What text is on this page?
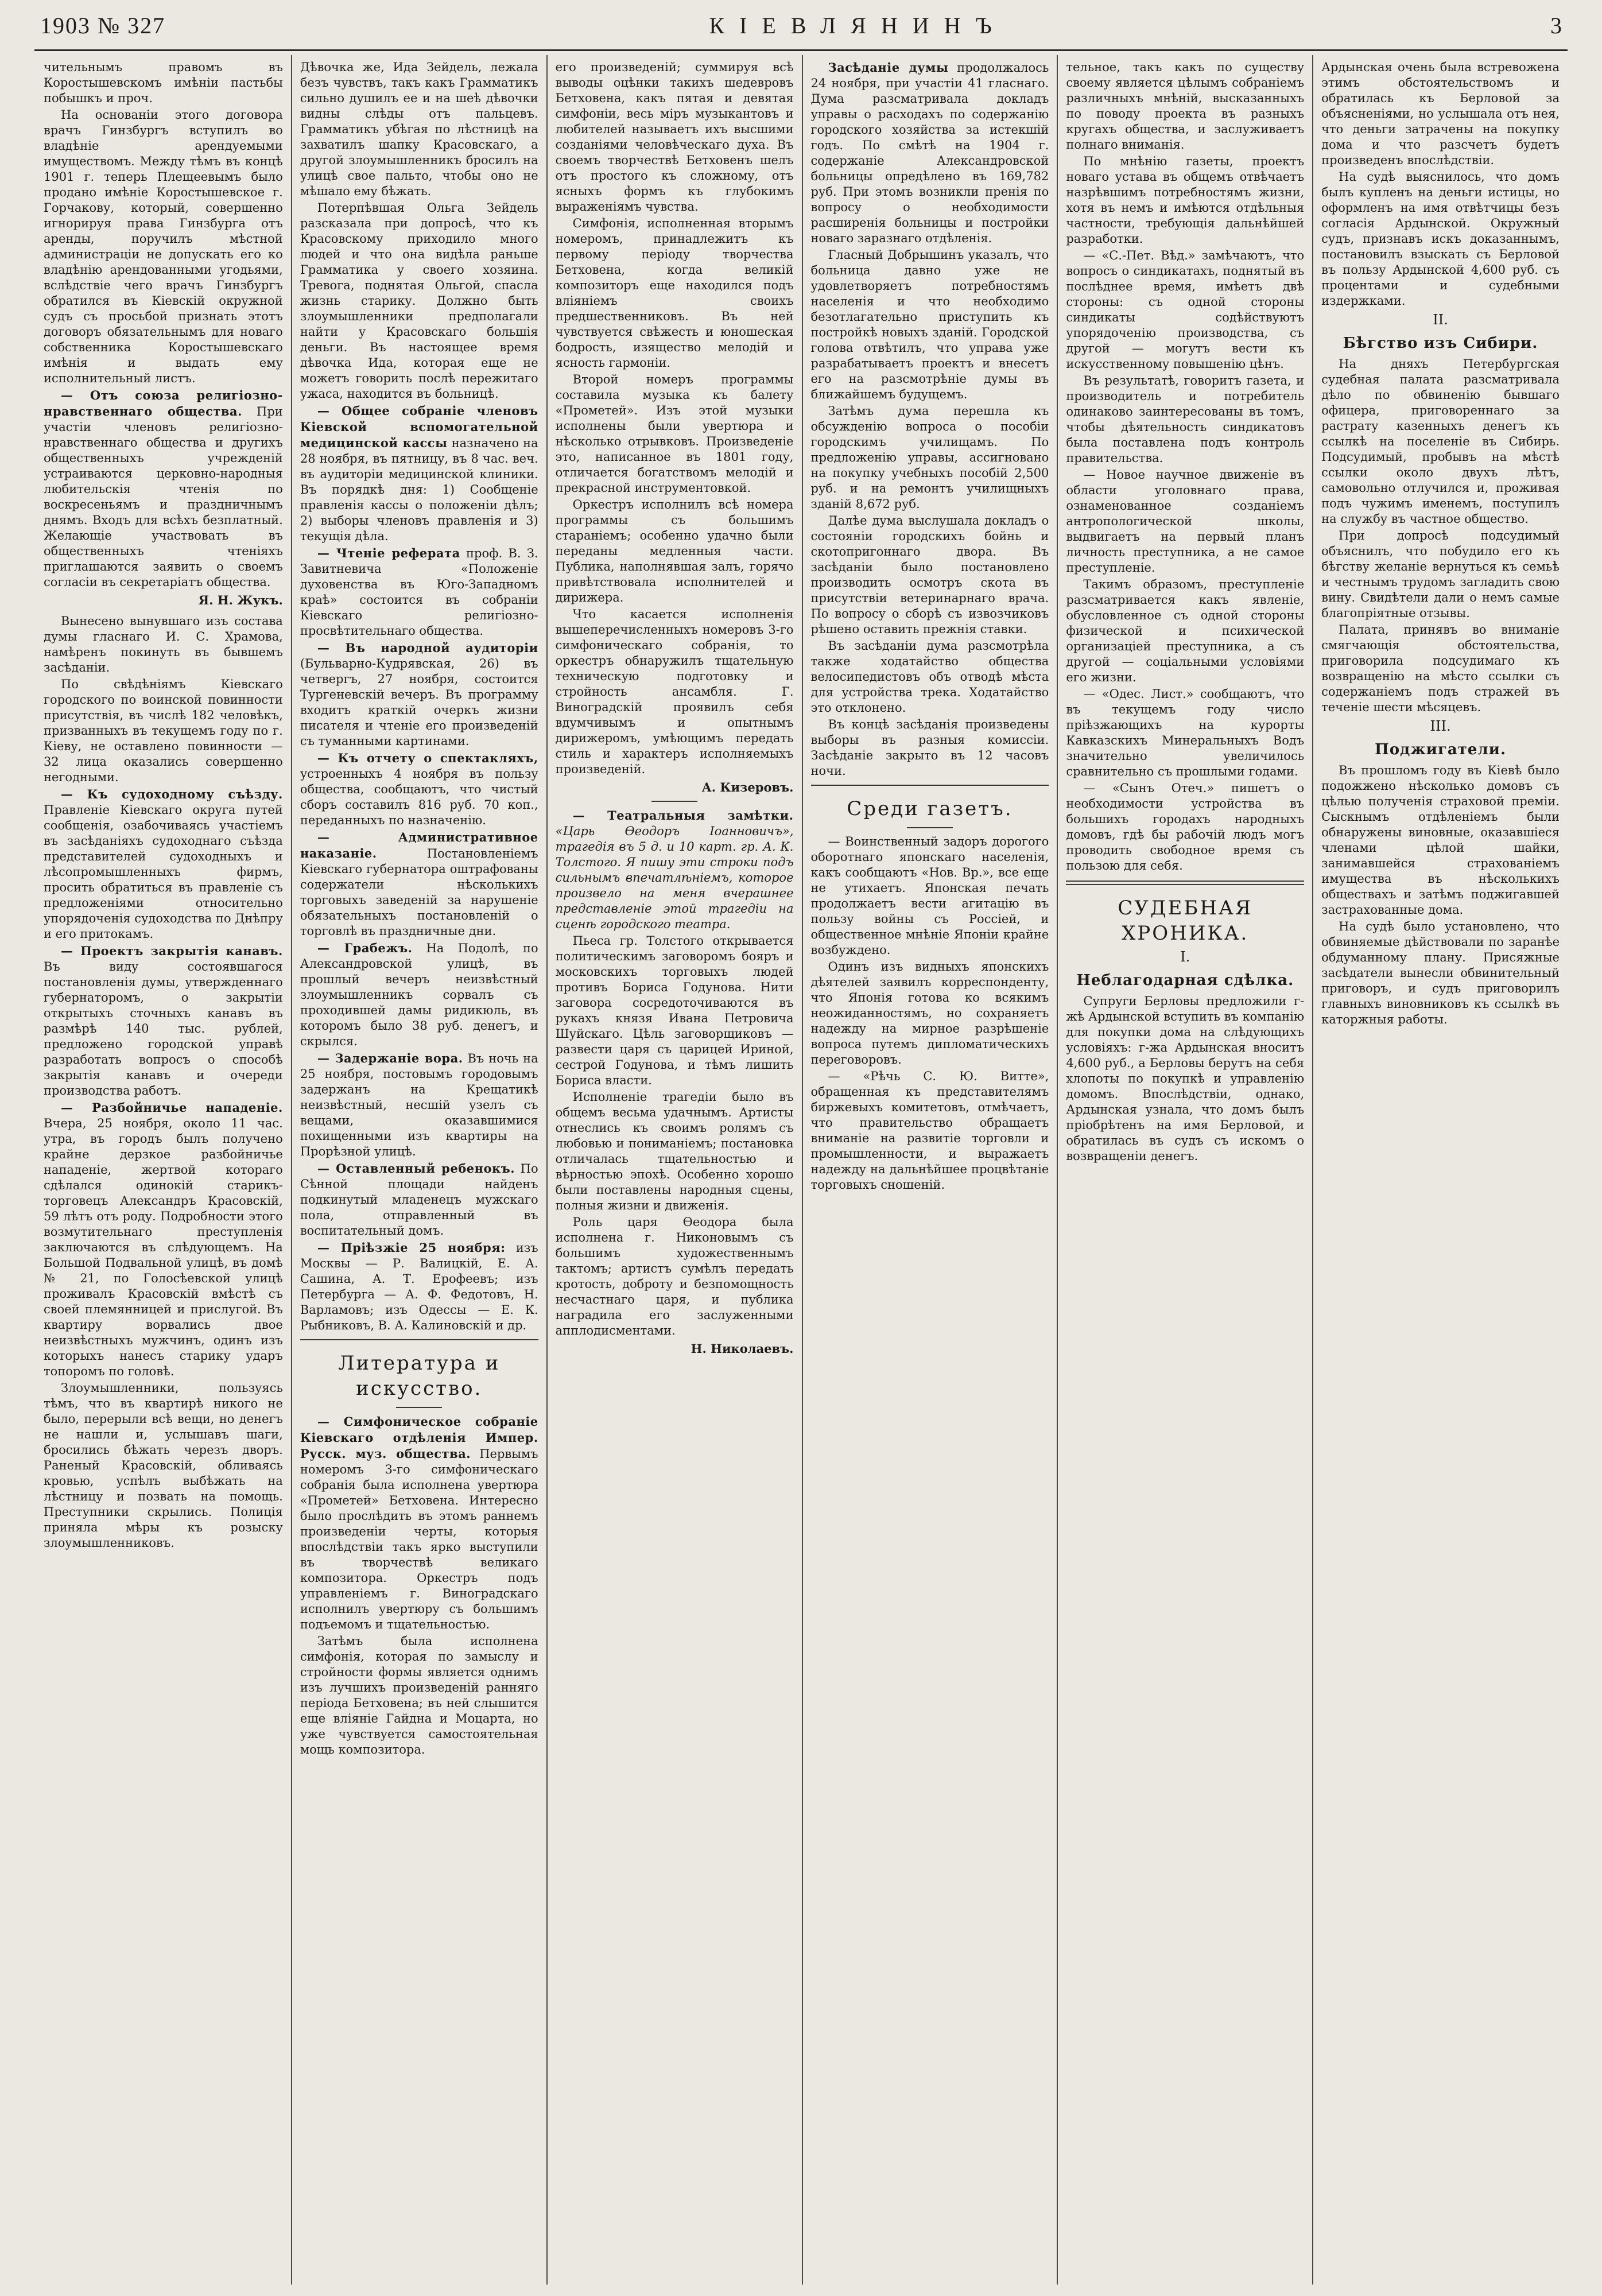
1903 № 327	КІЕВЛЯНИНЪ	3

чительнымъ правомъ въ Коростышевскомъ имѣніи пастьбы побышкъ и проч.

На основаніи этого договора врачъ Гинзбургъ вступилъ во владѣніе арендуемыми имуществомъ. Между тѣмъ въ концѣ 1901 г. теперь Плещеевымъ было продано имѣніе Коростышевское г. Горчакову, который, совершенно игнорируя права Гинзбурга отъ аренды, поручилъ мѣстной администраціи не допускать его ко владѣнію арендованными угодьями, вслѣдствіе чего врачъ Гинзбургъ обратился въ Кіевскій окружной судъ съ просьбой признать этотъ договоръ обязательнымъ для новаго собственника Коростышевскаго имѣнія и выдать ему исполнительный листъ.

— Отъ союза религіозно-нравственнаго общества. При участіи членовъ религіозно-нравственнаго общества и другихъ общественныхъ учрежденій устраиваются церковно-народныя любительскія чтенія по воскресеньямъ и праздничнымъ днямъ. Входъ для всѣхъ безплатный. Желающіе участвовать въ общественныхъ чтеніяхъ приглашаются заявить о своемъ согласіи въ секретаріатъ общества.

Я. Н. Жукъ.

Вынесено вынувшаго изъ состава думы гласнаго И. С. Храмова, намѣренъ покинуть въ бывшемъ засѣданіи.

По свѣдѣніямъ Кіевскаго городского по воинской повинности присутствія, въ числѣ 182 человѣкъ, призванныхъ въ текущемъ году по г. Кіеву, не оставлено повинности — 32 лица оказались совершенно негодными.

— Къ судоходному съѣзду. Правленіе Кіевскаго округа путей сообщенія, озабочиваясь участіемъ въ засѣданіяхъ судоходнаго съѣзда представителей судоходныхъ и лѣсопромышленныхъ фирмъ, просить обратиться въ правленіе съ предложеніями относительно упорядоченія судоходства по Днѣпру и его притокамъ.

— Проектъ закрытія канавъ. Въ виду состоявшагося постановленія думы, утвержденнаго губернаторомъ, о закрытіи открытыхъ сточныхъ канавъ въ размѣрѣ 140 тыс. рублей, предложено городской управѣ разработать вопросъ о способѣ закрытія канавъ и очереди производства работъ.

— Разбойничье нападеніе. Вчера, 25 ноября, около 11 час. утра, въ городъ былъ получено крайне дерзкое разбойничье нападеніе, жертвой котораго сдѣлался одинокій старикъ-торговецъ Александръ Красовскій, 59 лѣтъ отъ роду. Подробности этого возмутительнаго преступленія заключаются въ слѣдующемъ. На Большой Подвальной улицѣ, въ домѣ № 21, по Голосѣевской улицѣ проживалъ Красовскій вмѣстѣ съ своей племянницей и прислугой. Въ квартиру ворвались двое неизвѣстныхъ мужчинъ, одинъ изъ которыхъ нанесъ старику ударъ топоромъ по головѣ.

Злоумышленники, пользуясь тѣмъ, что въ квартирѣ никого не было, перерыли всѣ вещи, но денегъ не нашли и, услышавъ шаги, бросились бѣжать черезъ дворъ. Раненый Красовскій, обливаясь кровью, успѣлъ выбѣжать на лѣстницу и позвать на помощь. Преступники скрылись. Полиція приняла мѣры къ розыску злоумышленниковъ.

Дѣвочка же, Ида Зейдель, лежала безъ чувствъ, такъ какъ Грамматикъ сильно душилъ ее и на шеѣ дѣвочки видны слѣды отъ пальцевъ. Грамматикъ убѣгая по лѣстницѣ на захватилъ шапку Красовскаго, а другой злоумышленникъ бросилъ на улицѣ свое пальто, чтобы оно не мѣшало ему бѣжать.

Потерпѣвшая Ольга Зейдель разсказала при допросѣ, что къ Красовскому приходило много людей и что она видѣла раньше Грамматика у своего хозяина. Тревога, поднятая Ольгой, спасла жизнь старику. Должно быть злоумышленники предполагали найти у Красовскаго большія деньги. Въ настоящее время дѣвочка Ида, которая еще не можетъ говорить послѣ пережитаго ужаса, находится въ больницѣ.

— Общее собраніе членовъ Кіевской вспомогательной медицинской кассы назначено на 28 ноября, въ пятницу, въ 8 час. веч. въ аудиторіи медицинской клиники. Въ порядкѣ дня: 1) Сообщеніе правленія кассы о положеніи дѣлъ; 2) выборы членовъ правленія и 3) текущія дѣла.

— Чтеніе реферата проф. В. З. Завитневича «Положеніе духовенства въ Юго-Западномъ краѣ» состоится въ собраніи Кіевскаго религіозно-просвѣтительнаго общества.

— Въ народной аудиторіи (Бульварно-Кудрявская, 26) въ четвергъ, 27 ноября, состоится Тургеневскій вечеръ. Въ программу входитъ краткій очеркъ жизни писателя и чтеніе его произведеній съ туманными картинами.

— Къ отчету о спектакляхъ, устроенныхъ 4 ноября въ пользу общества, сообщаютъ, что чистый сборъ составилъ 816 руб. 70 коп., переданныхъ по назначенію.

— Административное наказаніе.	Постановленіемъ Кіевскаго губернатора оштрафованы содержатели нѣсколькихъ торговыхъ заведеній за нарушеніе обязательныхъ постановленій о торговлѣ въ праздничные дни.

— Грабежъ. На Подолѣ, по Александровской улицѣ, въ прошлый вечеръ неизвѣстный злоумышленникъ сорвалъ съ проходившей дамы ридикюль, въ которомъ было 38 руб. денегъ, и скрылся.

— Задержаніе вора. Въ ночь на 25 ноября, постовымъ городовымъ задержанъ на Крещатикѣ неизвѣстный, несшій узелъ съ вещами, оказавшимися похищенными изъ квартиры на Прорѣзной улицѣ.

— Оставленный ребенокъ. По Сѣнной площади найденъ подкинутый младенецъ мужскаго пола, отправленный въ воспитательный домъ.

— Пріѣзжіе 25 ноября: изъ Москвы — Р. Валицкій, Е. А. Сашина, А. Т. Ерофеевъ; изъ Петербурга — А. Ф. Федотовъ, Н. Варламовъ; изъ Одессы — Е. К. Рыбниковъ, В. А. Калиновскій и др.

Литература и искусство.

— Симфоническое собраніе Кіевскаго отдѣленія Импер. Русск. муз. общества. Первымъ номеромъ 3-го симфоническаго собранія была исполнена увертюра «Прометей» Бетховена. Интересно было прослѣдить въ этомъ раннемъ произведеніи черты, которыя впослѣдствіи такъ ярко выступили въ творчествѣ великаго композитора. Оркестръ подъ управленіемъ г. Виноградскаго исполнилъ увертюру съ большимъ подъемомъ и тщательностью.

Затѣмъ была исполнена симфонія, которая по замыслу и стройности формы является однимъ изъ лучшихъ произведеній ранняго періода Бетховена; въ ней слышится еще вліяніе Гайдна и Моцарта, но уже чувствуется самостоятельная мощь композитора.

его произведеній; суммируя всѣ выводы оцѣнки такихъ шедевровъ Бетховена, какъ пятая и девятая симфоніи, весь мiръ музыкантовъ и любителей называетъ ихъ высшими созданіями человѣческаго духа. Въ своемъ творчествѣ Бетховенъ шелъ отъ простого къ сложному, отъ ясныхъ формъ къ глубокимъ выраженіямъ чувства.

Симфонія, исполненная вторымъ номеромъ, принадлежитъ къ первому періоду творчества Бетховена, когда великій композиторъ еще находился подъ вліяніемъ своихъ предшественниковъ. Въ ней чувствуется свѣжесть и юношеская бодрость, изящество мелодій и ясность гармоніи.

Второй номеръ программы составила музыка къ балету «Прометей». Изъ этой музыки исполнены были увертюра и нѣсколько отрывковъ. Произведеніе это, написанное въ 1801 году, отличается богатствомъ мелодій и прекрасной инструментовкой.

Оркестръ исполнилъ всѣ номера программы съ большимъ стараніемъ; особенно удачно были переданы медленныя части. Публика, наполнявшая залъ, горячо привѣтствовала исполнителей и дирижера.

Что касается исполненія вышеперечисленныхъ номеровъ 3-го симфоническаго собранія, то оркестръ обнаружилъ тщательную техническую подготовку и стройность ансамбля. Г. Виноградскій проявилъ себя вдумчивымъ и опытнымъ дирижеромъ, умѣющимъ передать стиль и характеръ исполняемыхъ произведеній.

А. Кизеровъ.

— Театральныя замѣтки. «Царь Ѳеодоръ Іоанновичъ», трагедія въ 5 д. и 10 карт. гр. А. К. Толстого. Я пишу эти строки подъ сильнымъ впечатлѣніемъ, которое произвело на меня вчерашнее представленіе этой трагедіи на сценѣ городского театра.

Пьеса гр. Толстого открывается политическимъ заговоромъ бояръ и московскихъ торговыхъ людей противъ Бориса Годунова. Нити заговора сосредоточиваются въ рукахъ князя Ивана Петровича Шуйскаго. Цѣль заговорщиковъ — развести царя съ царицей Ириной, сестрой Годунова, и тѣмъ лишить Бориса власти.

Исполненіе трагедіи было въ общемъ весьма удачнымъ. Артисты отнеслись къ своимъ ролямъ съ любовью и пониманіемъ; постановка отличалась тщательностью и вѣрностью эпохѣ. Особенно хорошо были поставлены народныя сцены, полныя жизни и движенія.

Роль царя Ѳеодора была исполнена г. Никоновымъ съ большимъ художественнымъ тактомъ; артистъ сумѣлъ передать кротость, доброту и безпомощность несчастнаго царя, и публика наградила его заслуженными апплодисментами.

Н. Николаевъ.

Засѣданіе думы продолжалось 24 ноября, при участіи 41 гласнаго. Дума разсматривала докладъ управы о расходахъ по содержанію городского хозяйства за истекшій годъ. По смѣтѣ на 1904 г. содержаніе Александровской больницы опредѣлено въ 169,782 руб. При этомъ возникли пренія по вопросу о необходимости расширенія больницы и постройки новаго заразнаго отдѣленія.

Гласный Добрышинъ указалъ, что больница давно уже не удовлетворяетъ потребностямъ населенія и что необходимо безотлагательно приступить къ постройкѣ новыхъ зданій. Городской голова отвѣтилъ, что управа уже разрабатываетъ проектъ и внесетъ его на разсмотрѣніе думы въ ближайшемъ будущемъ.

Затѣмъ дума перешла къ обсужденію вопроса о пособіи городскимъ училищамъ. По предложенію управы, ассигновано на покупку учебныхъ пособій 2,500 руб. и на ремонтъ училищныхъ зданій 8,672 руб.

Далѣе дума выслушала докладъ о состояніи городскихъ бойнь и скотопригоннаго двора. Въ засѣданіи было постановлено производить осмотръ скота въ присутствіи ветеринарнаго врача. По вопросу о сборѣ съ извозчиковъ рѣшено оставить прежнія ставки.

Въ засѣданіи дума разсмотрѣла также ходатайство общества велосипедистовъ объ отводѣ мѣста для устройства трека. Ходатайство это отклонено.

Въ концѣ засѣданія произведены выборы въ разныя комиссіи. Засѣданіе закрыто въ 12 часовъ ночи.

Среди газетъ.

— Воинственный задоръ дорогого оборотнаго японскаго населенія, какъ сообщаютъ «Нов. Вр.», все еще не утихаетъ. Японская печать продолжаетъ вести агитацію въ пользу войны съ Россіей, и общественное мнѣніе Японіи крайне возбуждено.

Одинъ изъ видныхъ японскихъ дѣятелей заявилъ корреспонденту, что Японія готова ко всякимъ неожиданностямъ, но сохраняетъ надежду на мирное разрѣшеніе вопроса путемъ дипломатическихъ переговоровъ.

— «Рѣчь С. Ю. Витте», обращенная къ представителямъ биржевыхъ комитетовъ, отмѣчаетъ, что правительство обращаетъ вниманіе на развитіе торговли и промышленности, и выражаетъ надежду на дальнѣйшее процвѣтаніе торговыхъ сношеній.

тельное, такъ какъ по существу своему является цѣлымъ собраніемъ различныхъ мнѣній, высказанныхъ по поводу проекта въ разныхъ кругахъ общества, и заслуживаетъ полнаго вниманія.

По мнѣнію газеты, проектъ новаго устава въ общемъ отвѣчаетъ назрѣвшимъ потребностямъ жизни, хотя въ немъ и имѣются отдѣльныя частности, требующія дальнѣйшей разработки.

— «С.-Пет. Вѣд.» замѣчаютъ, что вопросъ о синдикатахъ, поднятый въ послѣднее время, имѣетъ двѣ стороны: съ одной стороны синдикаты содѣйствуютъ упорядоченію производства, съ другой — могутъ вести къ искусственному повышенію цѣнъ.

Въ результатѣ, говоритъ газета, и производитель и потребитель одинаково заинтересованы въ томъ, чтобы дѣятельность синдикатовъ была поставлена подъ контроль правительства.

— Новое научное движеніе въ области уголовнаго права, ознаменованное созданіемъ антропологической школы, выдвигаетъ на первый планъ личность преступника, а не самое преступленіе.

Такимъ образомъ, преступленіе разсматривается какъ явленіе, обусловленное съ одной стороны физической и психической организаціей преступника, а съ другой — соціальными условіями его жизни.

— «Одес. Лист.» сообщаютъ, что въ текущемъ году число пріѣзжающихъ на курорты Кавказскихъ Минеральныхъ Водъ значительно увеличилось сравнительно съ прошлыми годами.

— «Сынъ Отеч.» пишетъ о необходимости устройства въ большихъ городахъ народныхъ домовъ, гдѣ бы рабочій людъ могъ проводить свободное время съ пользою для себя.

СУДЕБНАЯ ХРОНИКА.
I.
Неблагодарная сдѣлка.

Супруги Берловы предложили г-жѣ Ардынской вступить въ компанію для покупки дома на слѣдующихъ условіяхъ: г-жа Ардынская вноситъ 4,600 руб., а Берловы берутъ на себя хлопоты по покупкѣ и управленію домомъ. Впослѣдствіи, однако, Ардынская узнала, что домъ былъ пріобрѣтенъ на имя Берловой, и обратилась въ судъ съ искомъ о возвращеніи денегъ.

Ардынская очень была встревожена этимъ обстоятельствомъ и обратилась къ Берловой за объясненіями, но услышала отъ нея, что деньги затрачены на покупку дома и что разсчетъ будетъ произведенъ впослѣдствіи.

На судѣ выяснилось, что домъ былъ купленъ на деньги истицы, но оформленъ на имя отвѣтчицы безъ согласія Ардынской. Окружный судъ, признавъ искъ доказаннымъ, постановилъ взыскать съ Берловой въ пользу Ардынской 4,600 руб. съ процентами и судебными издержками.

II.
Бѣгство изъ Сибири.

На дняхъ Петербургская судебная палата разсматривала дѣло по обвиненію бывшаго офицера, приговореннаго за растрату казенныхъ денегъ къ ссылкѣ на поселеніе въ Сибирь. Подсудимый, пробывъ на мѣстѣ ссылки около двухъ лѣтъ, самовольно отлучился и, проживая подъ чужимъ именемъ, поступилъ на службу въ частное общество.

При допросѣ подсудимый объяснилъ, что побудило его къ бѣгству желаніе вернуться къ семьѣ и честнымъ трудомъ загладить свою вину. Свидѣтели дали о немъ самые благопріятные отзывы.

Палата, принявъ во вниманіе смягчающія обстоятельства, приговорила подсудимаго къ возвращенію на мѣсто ссылки съ содержаніемъ подъ стражей въ теченіе шести мѣсяцевъ.

III.
Поджигатели.

Въ прошломъ году въ Кіевѣ было подожжено нѣсколько домовъ съ цѣлью полученія страховой преміи. Сыскнымъ отдѣленіемъ были обнаружены виновные, оказавшіеся членами цѣлой шайки, занимавшейся страхованіемъ имущества въ нѣсколькихъ обществахъ и затѣмъ поджигавшей застрахованные дома.

На судѣ было установлено, что обвиняемые дѣйствовали по заранѣе обдуманному плану. Присяжные засѣдатели вынесли обвинительный приговоръ, и судъ приговорилъ главныхъ виновниковъ къ ссылкѣ въ каторжныя работы.
